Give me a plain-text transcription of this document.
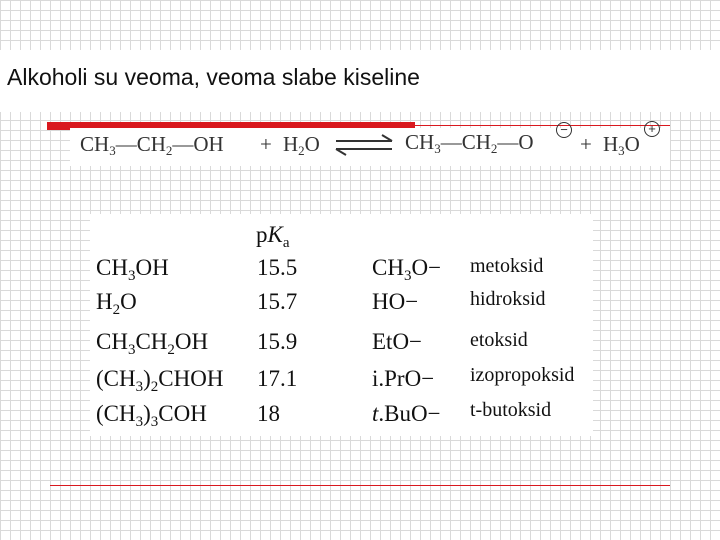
Alkoholi su veoma, veoma slabe kiseline
$CH_3—CH_2—OH + H_2O$ ⇌ $CH_3—CH_2—O$
−
+ $H_3O$
+
$pK_a$
$CH_3OH$
$H_2O$
$CH_3CH_2OH$
$(CH_3)_2CHOH$
$(CH_3)_3COH$
15.5
15.7
15.9
17.1
18
$CH_3O-$
HO−
EtO−
i.PrO−
t.BuO−
metoksid
hidroksid
etoksid
izopropoksid
t-butoksid
